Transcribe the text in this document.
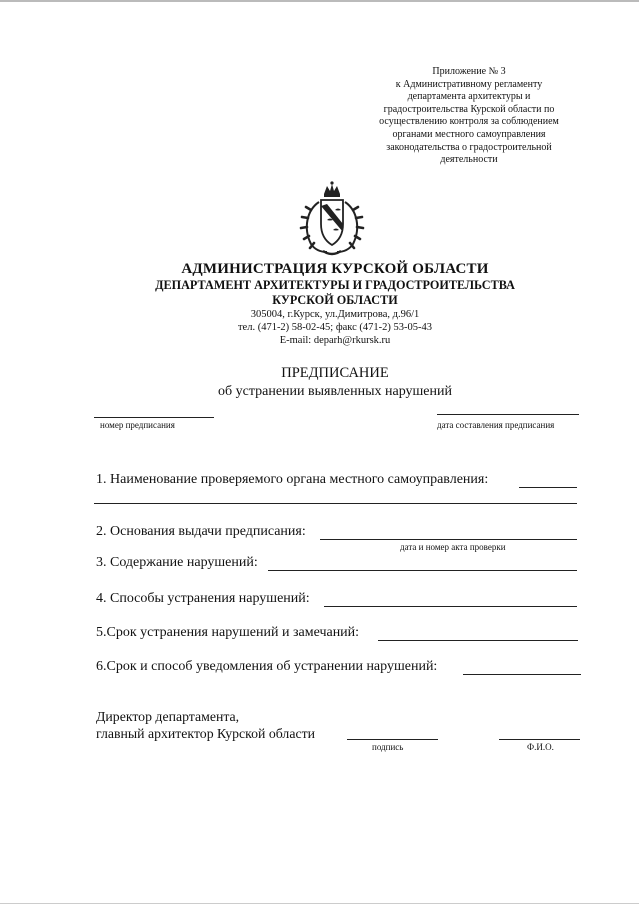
Приложение № 3
к Административному регламенту
департамента архитектуры и
градостроительства Курской области по
осуществлению контроля за соблюдением
органами местного самоуправления
законодательства о градостроительной
деятельности
АДМИНИСТРАЦИЯ КУРСКОЙ ОБЛАСТИ
ДЕПАРТАМЕНТ АРХИТЕКТУРЫ И ГРАДОСТРОИТЕЛЬСТВА
КУРСКОЙ ОБЛАСТИ
305004, г.Курск, ул.Димитрова, д.96/1
тел. (471-2) 58-02-45; факс (471-2) 53-05-43
E-mail: deparh@rkursk.ru
ПРЕДПИСАНИЕ
об устранении выявленных нарушений
номер предписания	дата составления предписания
1. Наименование проверяемого органа местного самоуправления:
2. Основания выдачи предписания:
дата и номер акта проверки
3. Содержание нарушений:
4. Способы устранения нарушений:
5.Срок устранения нарушений и замечаний:
6.Срок и способ уведомления об устранении нарушений:
Директор департамента,
главный архитектор Курской области
подпись	Ф.И.О.
